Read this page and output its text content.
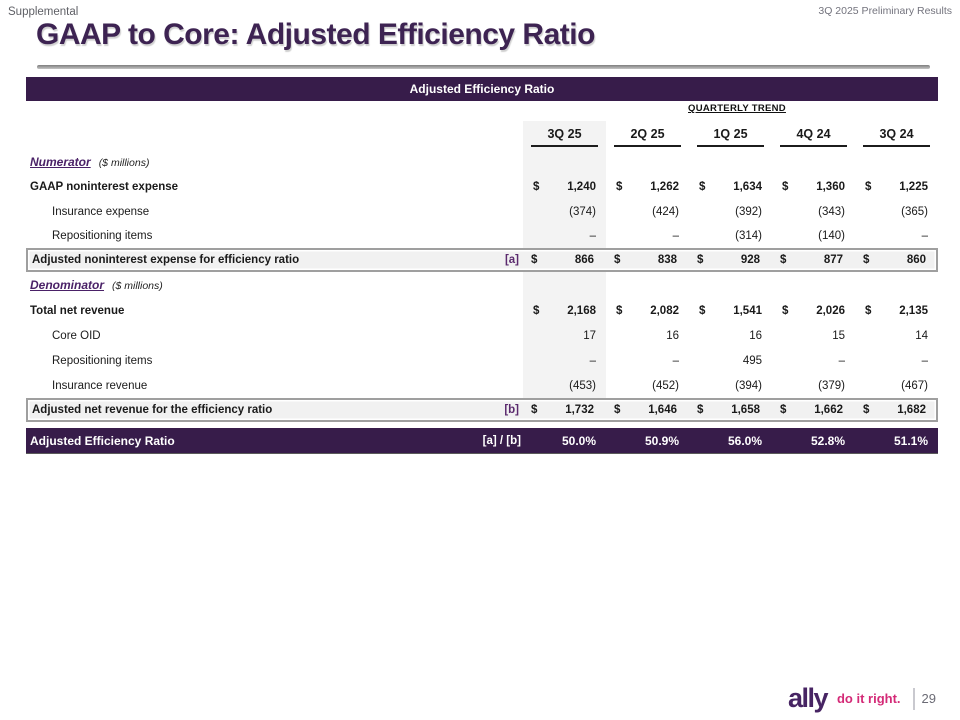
Supplemental	3Q 2025 Preliminary Results
GAAP to Core: Adjusted Efficiency Ratio
Adjusted Efficiency Ratio
QUARTERLY TREND
3Q 25	2Q 25	1Q 25	4Q 24	3Q 24
Numerator ($ millions)
GAAP noninterest expense	$ 1,240 $ 1,262 $ 1,634 $ 1,360 $ 1,225
Insurance expense	(374)	(424)	(392)	(343)	(365)
Repositioning items	–	–	(314)	(140)	–
Adjusted noninterest expense for efficiency ratio	[a] $	866 $	838 $	928 $	877 $	860
Denominator ($ millions)
Total net revenue	$ 2,168 $ 2,082 $ 1,541 $ 2,026 $ 2,135
Core OID	17	16	16	15	14
Repositioning items	–	–	495	–	–
Insurance revenue	(453)	(452)	(394)	(379)	(467)
Adjusted net revenue for the efficiency ratio	[b] $ 1,732 $ 1,646 $ 1,658 $ 1,662 $ 1,682
Adjusted Efficiency Ratio	[a] / [b]	50.0%	50.9%	56.0%	52.8%	51.1%
ally do it right. 29
